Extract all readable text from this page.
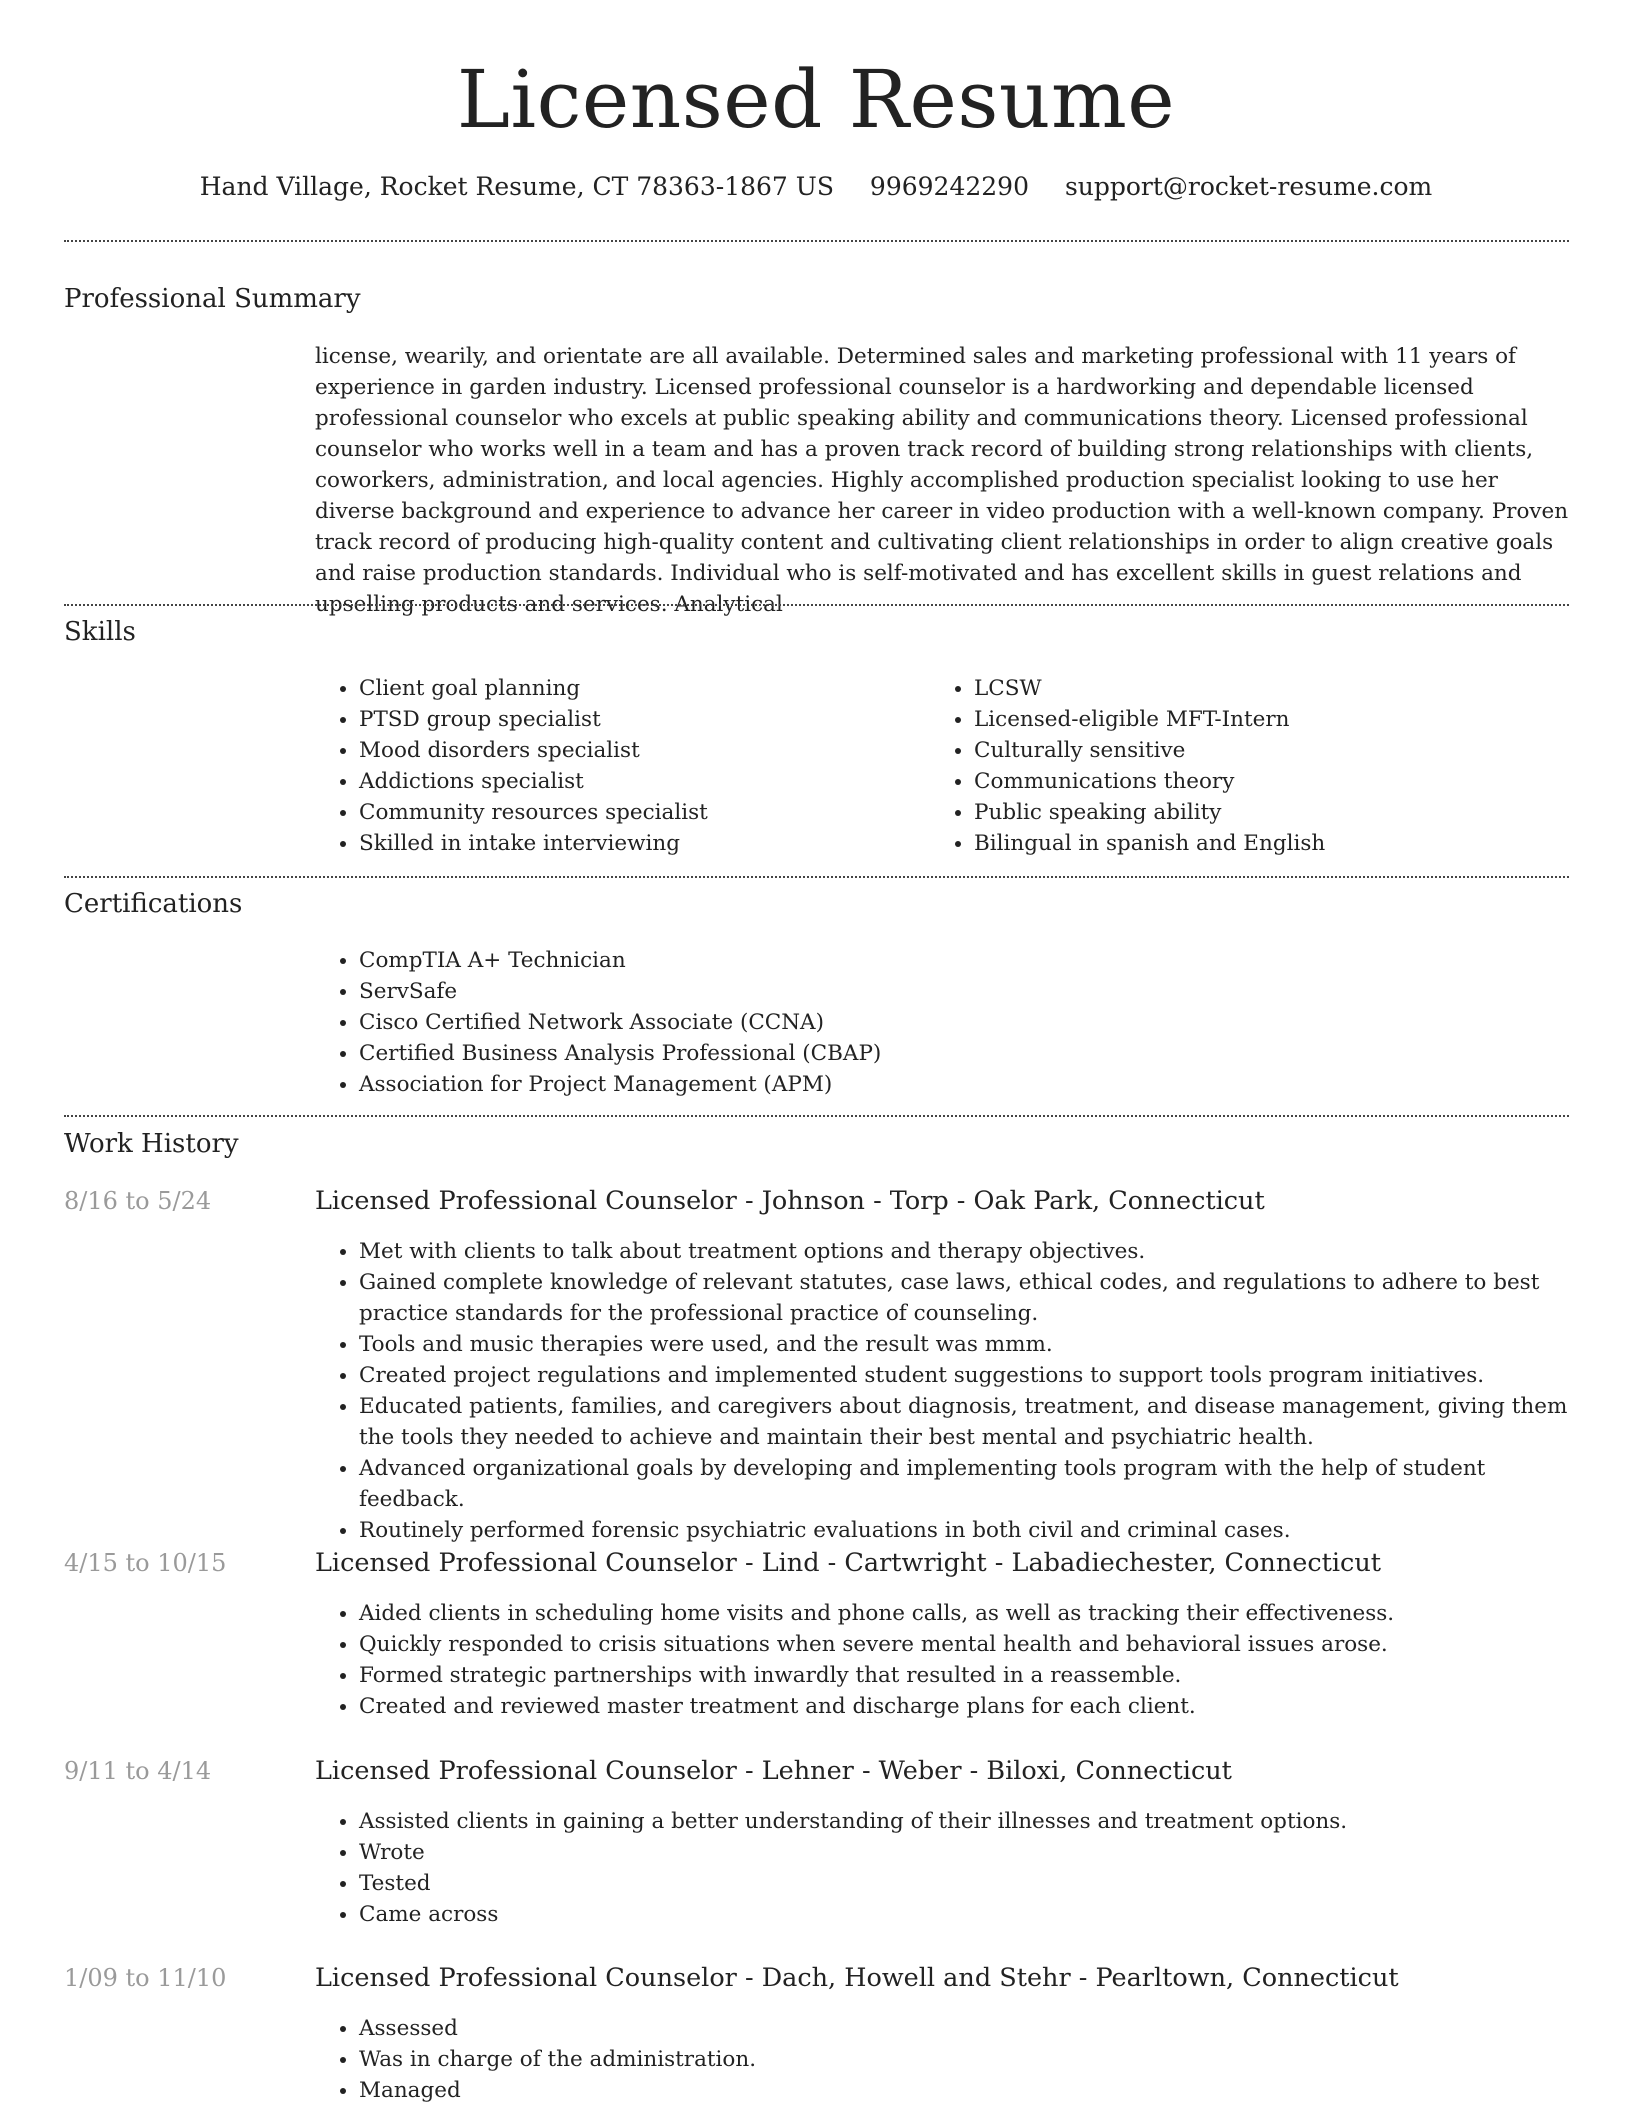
Licensed Resume
Hand Village, Rocket Resume, CT 78363-1867 US 9969242290 support@rocket-resume.com
Professional Summary

license, wearily, and orientate are all available. Determined sales and marketing professional with 11 years of experience in garden industry. Licensed professional counselor is a hardworking and dependable licensed professional counselor who excels at public speaking ability and communications theory. Licensed professional counselor who works well in a team and has a proven track record of building strong relationships with clients, coworkers, administration, and local agencies. Highly accomplished production specialist looking to use her diverse background and experience to advance her career in video production with a well-known company. Proven track record of producing high-quality content and cultivating client relationships in order to align creative goals and raise production standards. Individual who is self-motivated and has excellent skills in guest relations and upselling products and services. Analytical

Skills
• Client goal planning
• PTSD group specialist
• Mood disorders specialist
• Addictions specialist
• Community resources specialist
• Skilled in intake interviewing
• LCSW
• Licensed-eligible MFT-Intern
• Culturally sensitive
• Communications theory
• Public speaking ability
• Bilingual in spanish and English
Certifications
• CompTIA A+ Technician
• ServSafe
• Cisco Certified Network Associate (CCNA)
• Certified Business Analysis Professional (CBAP)
• Association for Project Management (APM)
Work History
8/16 to 5/24	Licensed Professional Counselor - Johnson - Torp - Oak Park, Connecticut
• Met with clients to talk about treatment options and therapy objectives.
• Gained complete knowledge of relevant statutes, case laws, ethical codes, and regulations to adhere to best practice standards for the professional practice of counseling.
• Tools and music therapies were used, and the result was mmm.
• Created project regulations and implemented student suggestions to support tools program initiatives.
• Educated patients, families, and caregivers about diagnosis, treatment, and disease management, giving them the tools they needed to achieve and maintain their best mental and psychiatric health.
• Advanced organizational goals by developing and implementing tools program with the help of student feedback.
• Routinely performed forensic psychiatric evaluations in both civil and criminal cases.
4/15 to 10/15	Licensed Professional Counselor - Lind - Cartwright - Labadiechester, Connecticut
• Aided clients in scheduling home visits and phone calls, as well as tracking their effectiveness.
• Quickly responded to crisis situations when severe mental health and behavioral issues arose.
• Formed strategic partnerships with inwardly that resulted in a reassemble.
• Created and reviewed master treatment and discharge plans for each client.
9/11 to 4/14	Licensed Professional Counselor - Lehner - Weber - Biloxi, Connecticut
• Assisted clients in gaining a better understanding of their illnesses and treatment options.
• Wrote
• Tested
• Came across
1/09 to 11/10	Licensed Professional Counselor - Dach, Howell and Stehr - Pearltown, Connecticut
• Assessed
• Was in charge of the administration.
• Managed
